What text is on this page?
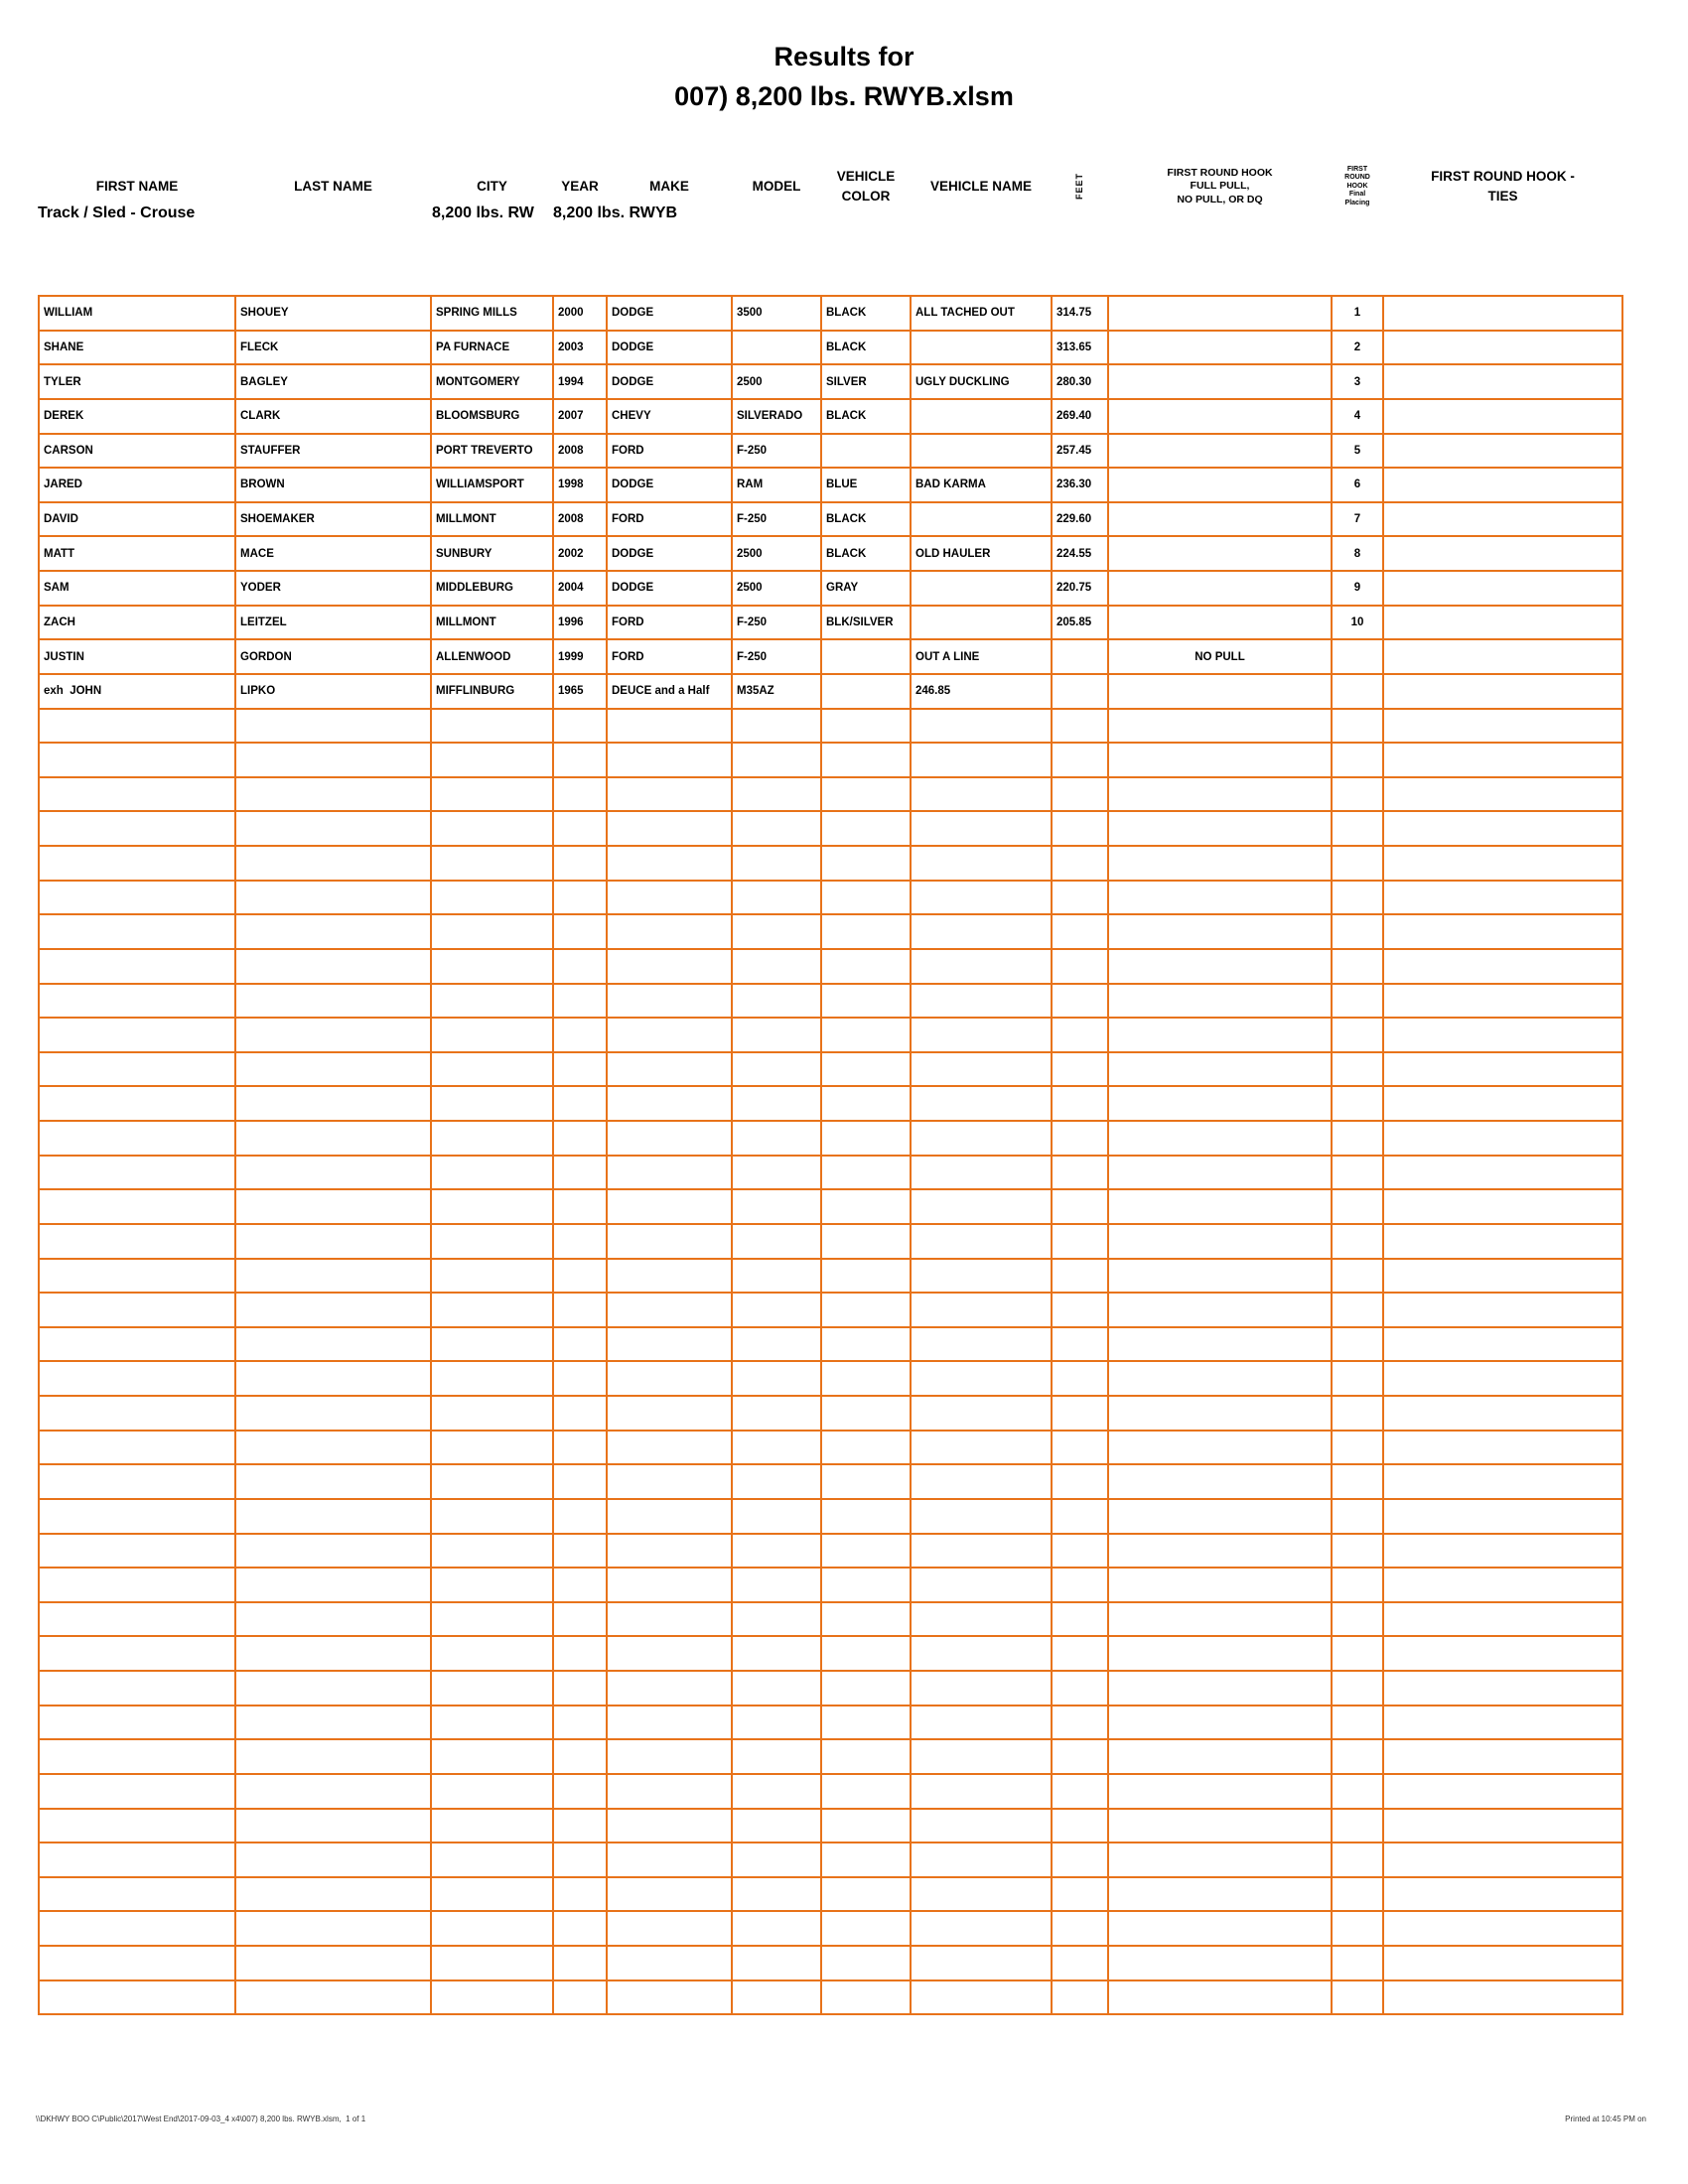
Results for
007) 8,200 lbs. RWYB.xlsm
Track / Sled - Crouse	8,200 lbs. RW	8,200 lbs. RWYB
FIRST NAME	LAST NAME	CITY	YEAR	MAKE	MODEL
VEHICLE
COLOR
VEHICLE NAME	FEET
FIRST ROUND HOOK
FULL PULL,
NO PULL, OR DQ
FIRST
ROUND
HOOK
Final
Placing
FIRST ROUND HOOK -
TIES
WILLIAM	SHOUEY	SPRING MILLS	2000	DODGE	3500	BLACK	ALL TACHED OUT	314.75		1	
SHANE	FLECK	PA FURNACE	2003	DODGE		BLACK		313.65		2	
TYLER	BAGLEY	MONTGOMERY	1994	DODGE	2500	SILVER	UGLY DUCKLING	280.30		3	
DEREK	CLARK	BLOOMSBURG	2007	CHEVY	SILVERADO	BLACK		269.40		4	
CARSON	STAUFFER	PORT TREVERTO	2008	FORD	F-250			257.45		5	
JARED	BROWN	WILLIAMSPORT	1998	DODGE	RAM	BLUE	BAD KARMA	236.30		6	
DAVID	SHOEMAKER	MILLMONT	2008	FORD	F-250	BLACK		229.60		7	
MATT	MACE	SUNBURY	2002	DODGE	2500	BLACK	OLD HAULER	224.55		8	
SAM	YODER	MIDDLEBURG	2004	DODGE	2500	GRAY		220.75		9	
ZACH	LEITZEL	MILLMONT	1996	FORD	F-250	BLK/SILVER		205.85		10	
JUSTIN	GORDON	ALLENWOOD	1999	FORD	F-250		OUT A LINE		NO PULL		
exh  JOHN	LIPKO	MIFFLINBURG	1965	DEUCE and a Half	M35AZ		246.85				

\\DKHWY BOO C\Public\2017\West End\2017-09-03_4 x4\007) 8,200 lbs. RWYB.xlsm,  1 of 1	Printed at 10:45 PM on
